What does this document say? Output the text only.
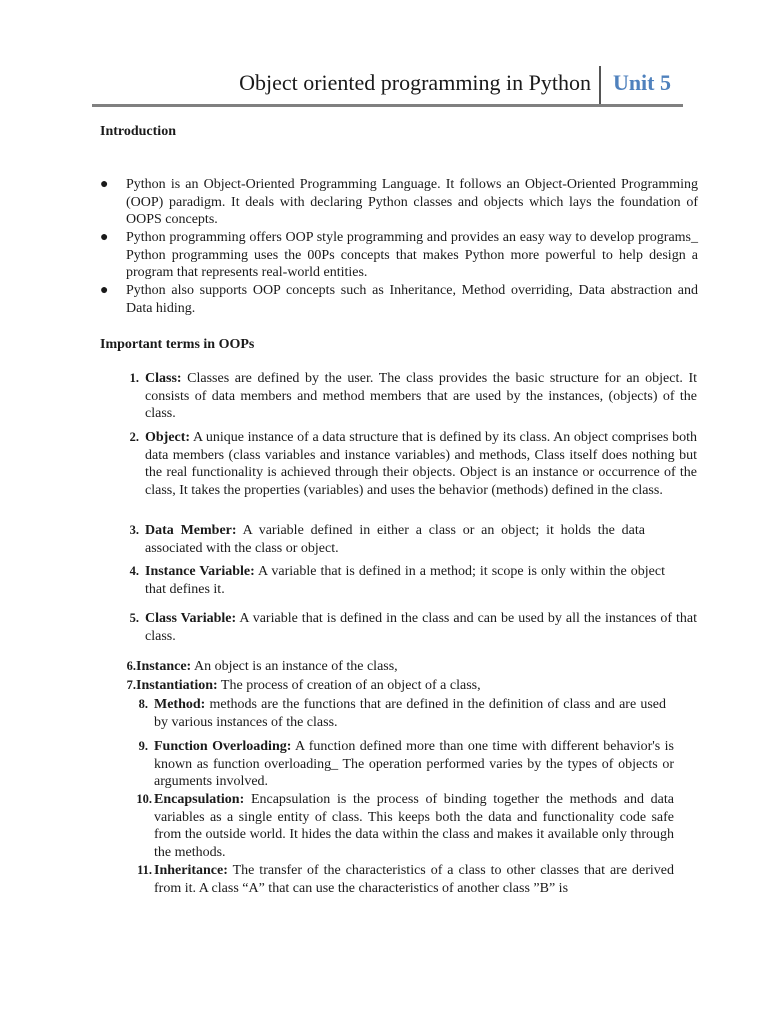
Object oriented programming in Python Unit 5
Introduction
● Python is an Object-Oriented Programming Language. It follows an Object-Oriented Programming (OOP) paradigm. It deals with declaring Python classes and objects which lays the foundation of OOPS concepts.
● Python programming offers OOP style programming and provides an easy way to develop programs_ Python programming uses the 00Ps concepts that makes Python more powerful to help design a program that represents real-world entities.
● Python also supports OOP concepts such as Inheritance, Method overriding, Data abstraction and Data hiding.
Important terms in OOPs
1. Class: Classes are defined by the user. The class provides the basic structure for an object. It consists of data members and method members that are used by the instances, (objects) of the class.
2. Object: A unique instance of a data structure that is defined by its class. An object comprises both data members (class variables and instance variables) and methods, Class itself does nothing but the real functionality is achieved through their objects. Object is an instance or occurrence of the class, It takes the properties (variables) and uses the behavior (methods) defined in the class.
3. Data Member: A variable defined in either a class or an object; it holds the data associated with the class or object.
4. Instance Variable: A variable that is defined in a method; it scope is only within the object that defines it.
5. Class Variable: A variable that is defined in the class and can be used by all the instances of that class.
6. Instance: An object is an instance of the class,
7. Instantiation: The process of creation of an object of a class,
8. Method: methods are the functions that are defined in the definition of class and are used by various instances of the class.
9. Function Overloading: A function defined more than one time with different behavior's is known as function overloading_ The operation performed varies by the types of objects or arguments involved.
10. Encapsulation: Encapsulation is the process of binding together the methods and data variables as a single entity of class. This keeps both the data and functionality code safe from the outside world. It hides the data within the class and makes it available only through the methods.
11. Inheritance: The transfer of the characteristics of a class to other classes that are derived from it. A class “A” that can use the characteristics of another class ”B” is
